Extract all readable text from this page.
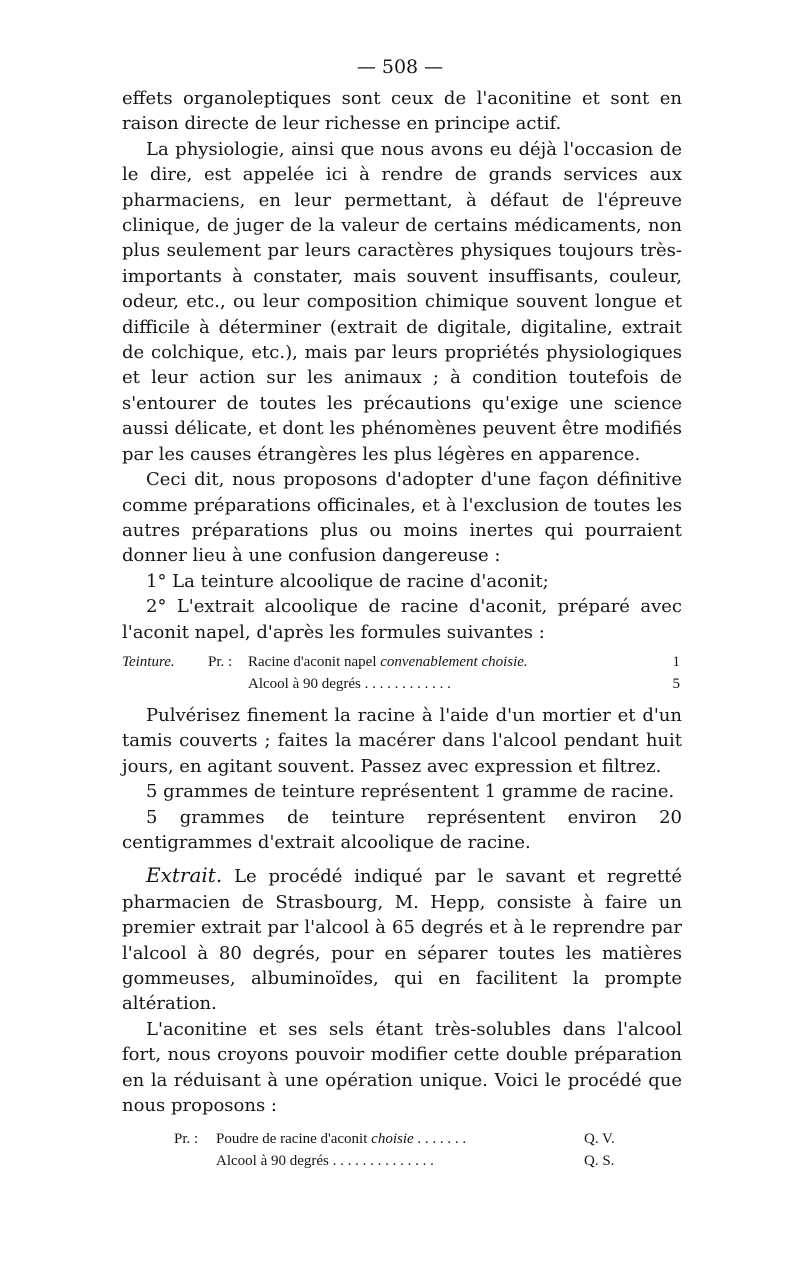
— 508 —

effets organoleptiques sont ceux de l'aconitine et sont en raison directe de leur richesse en principe actif.

La physiologie, ainsi que nous avons eu déjà l'occasion de le dire, est appelée ici à rendre de grands services aux pharmaciens, en leur permettant, à défaut de l'épreuve clinique, de juger de la valeur de certains médicaments, non plus seulement par leurs caractères physiques toujours très-importants à constater, mais souvent insuffisants, couleur, odeur, etc., ou leur composition chimique souvent longue et difficile à déterminer (extrait de digitale, digitaline, extrait de colchique, etc.), mais par leurs propriétés physiologiques et leur action sur les animaux ; à condition toutefois de s'entourer de toutes les précautions qu'exige une science aussi délicate, et dont les phénomènes peuvent être modifiés par les causes étrangères les plus légères en apparence.

Ceci dit, nous proposons d'adopter d'une façon définitive comme préparations officinales, et à l'exclusion de toutes les autres préparations plus ou moins inertes qui pourraient donner lieu à une confusion dangereuse :

1° La teinture alcoolique de racine d'aconit;

2° L'extrait alcoolique de racine d'aconit, préparé avec l'aconit napel, d'après les formules suivantes :

Teinture. Pr. : Racine d'aconit napel convenablement choisie.	1
Alcool à 90 degrés . . . . . . . . . . . .	5

Pulvérisez finement la racine à l'aide d'un mortier et d'un tamis couverts ; faites la macérer dans l'alcool pendant huit jours, en agitant souvent. Passez avec expression et filtrez.

5 grammes de teinture représentent 1 gramme de racine.

5 grammes de teinture représentent environ 20 centigrammes d'extrait alcoolique de racine.

Extrait. Le procédé indiqué par le savant et regretté pharmacien de Strasbourg, M. Hepp, consiste à faire un premier extrait par l'alcool à 65 degrés et à le reprendre par l'alcool à 80 degrés, pour en séparer toutes les matières gommeuses, albuminoïdes, qui en facilitent la prompte altération.

L'aconitine et ses sels étant très-solubles dans l'alcool fort, nous croyons pouvoir modifier cette double préparation en la réduisant à une opération unique. Voici le procédé que nous proposons :

Pr. : Poudre de racine d'aconit choisie . . . . . . .	Q. V.
Alcool à 90 degrés . . . . . . . . . . . . . .	Q. S.
